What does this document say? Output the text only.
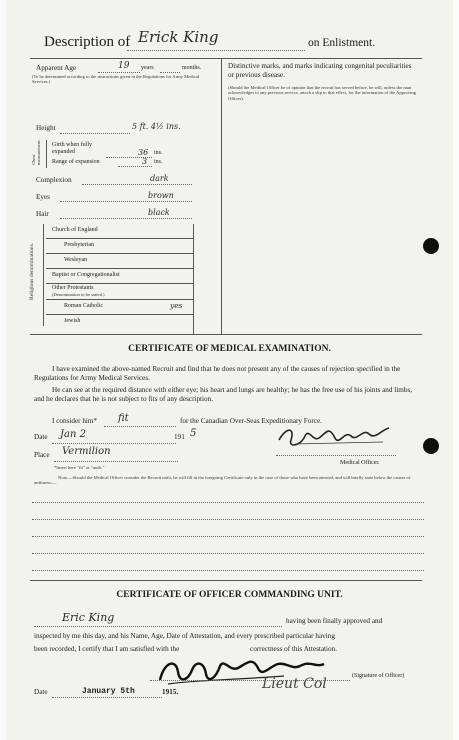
Description of Erick King	on Enlistment.
Apparent Age	19 years	months.
(To be determined according to the instructions given in the Regulations for Army Medical Services.)
Height	5 ft. 4½ ins.
Chest measurement. Girth when fully expanded	36 ins.
Range of expansion	3 ins.
Complexion	dark
Eyes	brown
Hair	black
Religious denominations.
Church of England
Presbyterian
Wesleyan
Baptist or Congregationalist
Other Protestants
(Denomination to be stated.)
Roman Catholic	yes
Jewish
Distinctive marks, and marks indicating congenital peculiarities or previous disease.
(Should the Medical Officer be of opinion that the recruit has served before, he will, unless the man acknowledges to any previous service, attach a slip to that effect, for the information of the Approving Officer).
CERTIFICATE OF MEDICAL EXAMINATION.
I have examined the above-named Recruit and find that he does not present any of the causes of rejection specified in the Regulations for Army Medical Services.
He can see at the required distance with either eye; his heart and lungs are healthy; he has the free use of his joints and limbs, and he declares that he is not subject to fits of any description.
I consider him* fit	for the Canadian Over-Seas Expeditionary Force.
Date Jan 2	191 5
Place Vermilion
Medical Officer.
*Insert here "fit" or "unfit."
Note.—Should the Medical Officer consider the Recruit unfit, he will fill in the foregoing Certificate only in the case of those who have been attested, and will briefly state below the causes of unfitness:—
CERTIFICATE OF OFFICER COMMANDING UNIT.
Eric King	having been finally approved and
inspected by me this day, and his Name, Age, Date of Attestation, and every prescribed particular having
been recorded, I certify that I am satisfied with the	correctness of this Attestation.
(Signature of Officer)
Date	January 5th	1915.	Lieut Col
